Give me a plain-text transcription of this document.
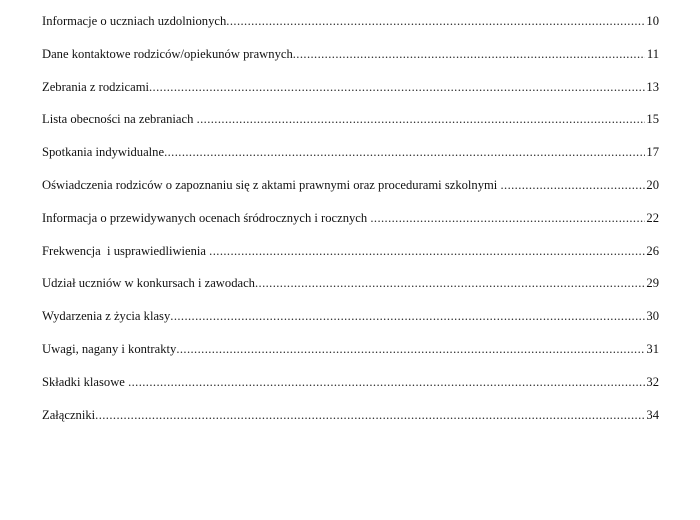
Informacje o uczniach uzdolnionych .....	10
Dane kontaktowe rodziców/opiekunów prawnych .....	11
Zebrania z rodzicami .....	13
Lista obecności na zebraniach .....	15
Spotkania indywidualne .....	17
Oświadczenia rodziców o zapoznaniu się z aktami prawnymi oraz procedurami szkolnymi .....	20
Informacja o przewidywanych ocenach śródrocznych i rocznych .....	22
Frekwencja  i usprawiedliwienia .....	26
Udział uczniów w konkursach i zawodach .....	29
Wydarzenia z życia klasy .....	30
Uwagi, nagany i kontrakty .....	31
Składki klasowe .....	32
Załączniki .....	34
